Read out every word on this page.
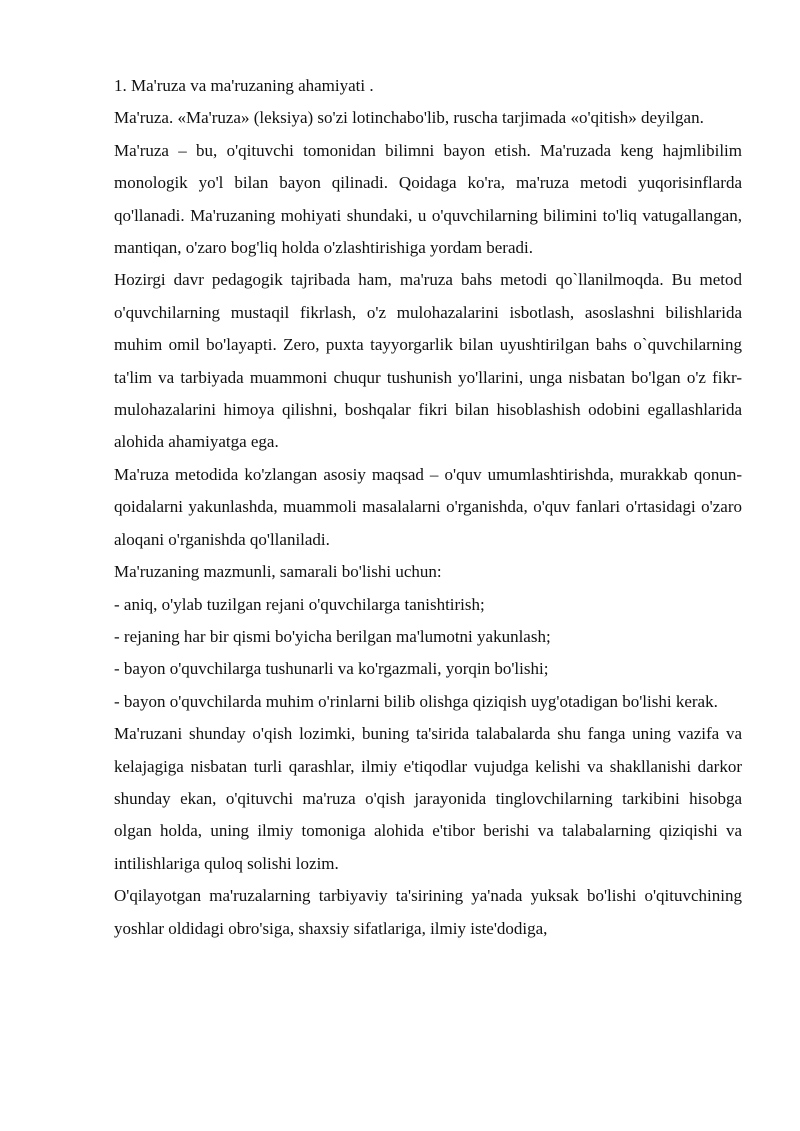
1. Ma'ruza va ma'ruzaning ahamiyati .

Ma'ruza. «Ma'ruza» (leksiya) so'zi lotinchabo'lib, ruscha tarjimada «o'qitish» deyilgan.

Ma'ruza – bu, o'qituvchi tomonidan bilimni bayon etish. Ma'ruzada keng hajmlibilim monologik yo'l bilan bayon qilinadi. Qoidaga ko'ra, ma'ruza metodi yuqorisinflarda qo'llanadi. Ma'ruzaning mohiyati shundaki, u o'quvchilarning bilimini to'liq vatugallangan, mantiqan, o'zaro bog'liq holda o'zlashtirishiga yordam beradi.

Hozirgi davr pedagogik tajribada ham, ma'ruza bahs metodi qo`llanilmoqda. Bu metod o'quvchilarning mustaqil fikrlash, o'z mulohazalarini isbotlash, asoslashni bilishlarida muhim omil bo'layapti. Zero, puxta tayyorgarlik bilan uyushtirilgan bahs o`quvchilarning ta'lim va tarbiyada muammoni chuqur tushunish yo'llarini, unga nisbatan bo'lgan o'z fikr-mulohazalarini himoya qilishni, boshqalar fikri bilan hisoblashish odobini egallashlarida alohida ahamiyatga ega.

Ma'ruza metodida ko'zlangan asosiy maqsad – o'quv umumlashtirishda, murakkab qonun-qoidalarni yakunlashda, muammoli masalalarni o'rganishda, o'quv fanlari o'rtasidagi o'zaro aloqani o'rganishda qo'llaniladi.

Ma'ruzaning mazmunli, samarali bo'lishi uchun:

- aniq, o'ylab tuzilgan rejani o'quvchilarga tanishtirish;

- rejaning har bir qismi bo'yicha berilgan ma'lumotni yakunlash;

- bayon o'quvchilarga tushunarli va ko'rgazmali, yorqin bo'lishi;

- bayon o'quvchilarda muhim o'rinlarni bilib olishga qiziqish uyg'otadigan bo'lishi kerak.

Ma'ruzani shunday o'qish lozimki, buning ta'sirida talabalarda shu fanga uning vazifa va kelajagiga nisbatan turli qarashlar, ilmiy e'tiqodlar vujudga kelishi va shakllanishi darkor shunday ekan, o'qituvchi ma'ruza o'qish jarayonida tinglovchilarning tarkibini hisobga olgan holda, uning ilmiy tomoniga alohida e'tibor berishi va talabalarning qiziqishi va intilishlariga quloq solishi lozim.

O'qilayotgan ma'ruzalarning tarbiyaviy ta'sirining ya'nada yuksak bo'lishi o'qituvchining yoshlar oldidagi obro'siga, shaxsiy sifatlariga, ilmiy iste'dodiga,
